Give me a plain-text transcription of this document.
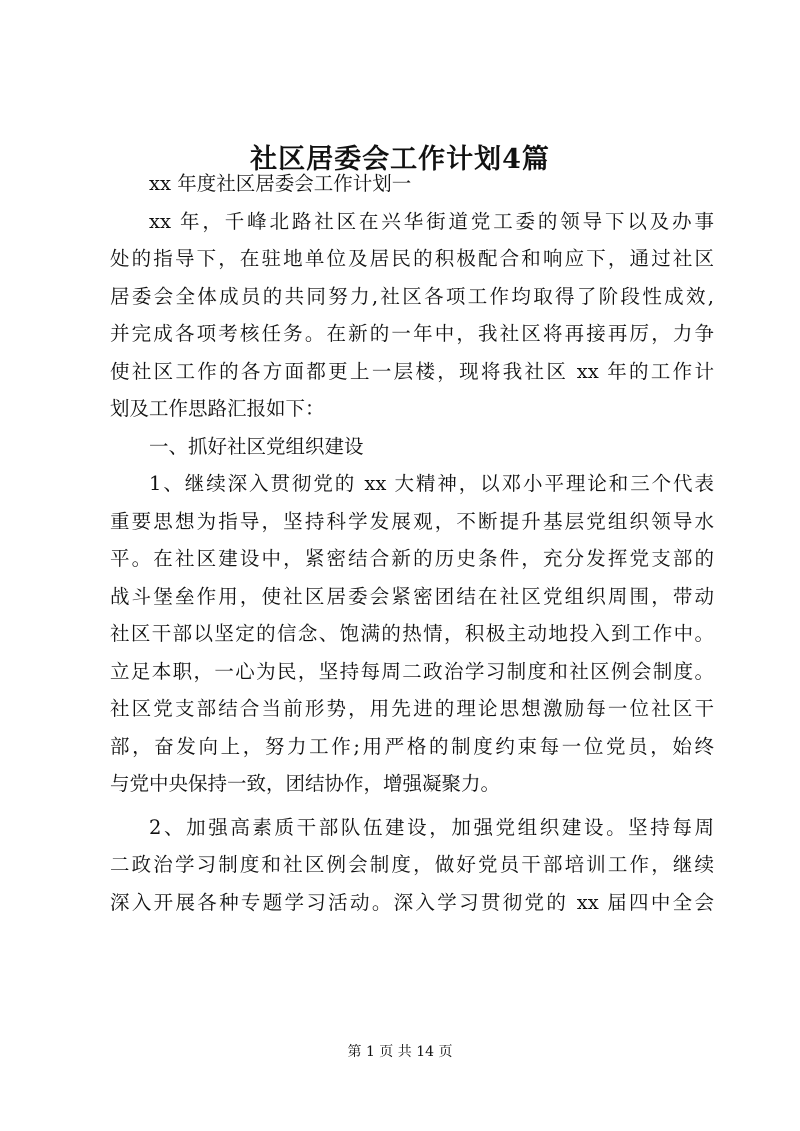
社区居委会工作计划4篇
xx 年度社区居委会工作计划一
xx 年，千峰北路社区在兴华街道党工委的领导下以及办事
处的指导下，在驻地单位及居民的积极配合和响应下，通过社区
居委会全体成员的共同努力,社区各项工作均取得了阶段性成效,
并完成各项考核任务。在新的一年中，我社区将再接再厉，力争
使社区工作的各方面都更上一层楼，现将我社区 xx 年的工作计
划及工作思路汇报如下：
一、抓好社区党组织建设
1、继续深入贯彻党的 xx 大精神，以邓小平理论和三个代表
重要思想为指导，坚持科学发展观，不断提升基层党组织领导水
平。在社区建设中，紧密结合新的历史条件，充分发挥党支部的
战斗堡垒作用，使社区居委会紧密团结在社区党组织周围，带动
社区干部以坚定的信念、饱满的热情，积极主动地投入到工作中。
立足本职，一心为民，坚持每周二政治学习制度和社区例会制度。
社区党支部结合当前形势，用先进的理论思想激励每一位社区干
部，奋发向上，努力工作;用严格的制度约束每一位党员，始终
与党中央保持一致，团结协作，增强凝聚力。
2、加强高素质干部队伍建设，加强党组织建设。坚持每周
二政治学习制度和社区例会制度，做好党员干部培训工作，继续
深入开展各种专题学习活动。深入学习贯彻党的 xx 届四中全会
第 1 页 共 14 页
